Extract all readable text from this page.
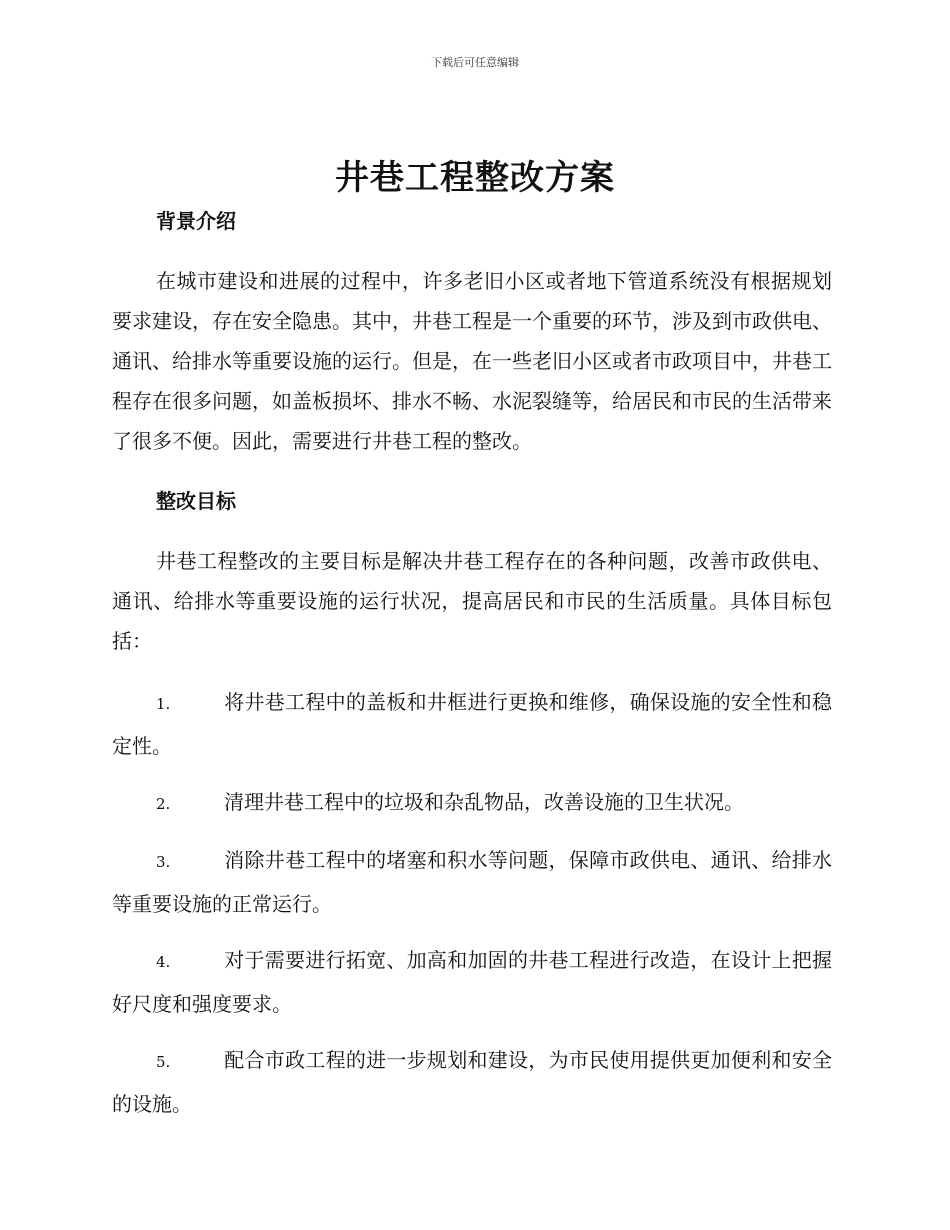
下载后可任意编辑
井巷工程整改方案

背景介绍

在城市建设和进展的过程中，许多老旧小区或者地下管道系统没有根据规划要求建设，存在安全隐患。其中，井巷工程是一个重要的环节，涉及到市政供电、通讯、给排水等重要设施的运行。但是，在一些老旧小区或者市政项目中，井巷工程存在很多问题，如盖板损坏、排水不畅、水泥裂缝等，给居民和市民的生活带来了很多不便。因此，需要进行井巷工程的整改。

整改目标

井巷工程整改的主要目标是解决井巷工程存在的各种问题，改善市政供电、通讯、给排水等重要设施的运行状况，提高居民和市民的生活质量。具体目标包括：

1.	将井巷工程中的盖板和井框进行更换和维修，确保设施的安全性和稳定性。

2.	清理井巷工程中的垃圾和杂乱物品，改善设施的卫生状况。

3.	消除井巷工程中的堵塞和积水等问题，保障市政供电、通讯、给排水等重要设施的正常运行。

4.	对于需要进行拓宽、加高和加固的井巷工程进行改造，在设计上把握好尺度和强度要求。

5.	配合市政工程的进一步规划和建设，为市民使用提供更加便利和安全的设施。
